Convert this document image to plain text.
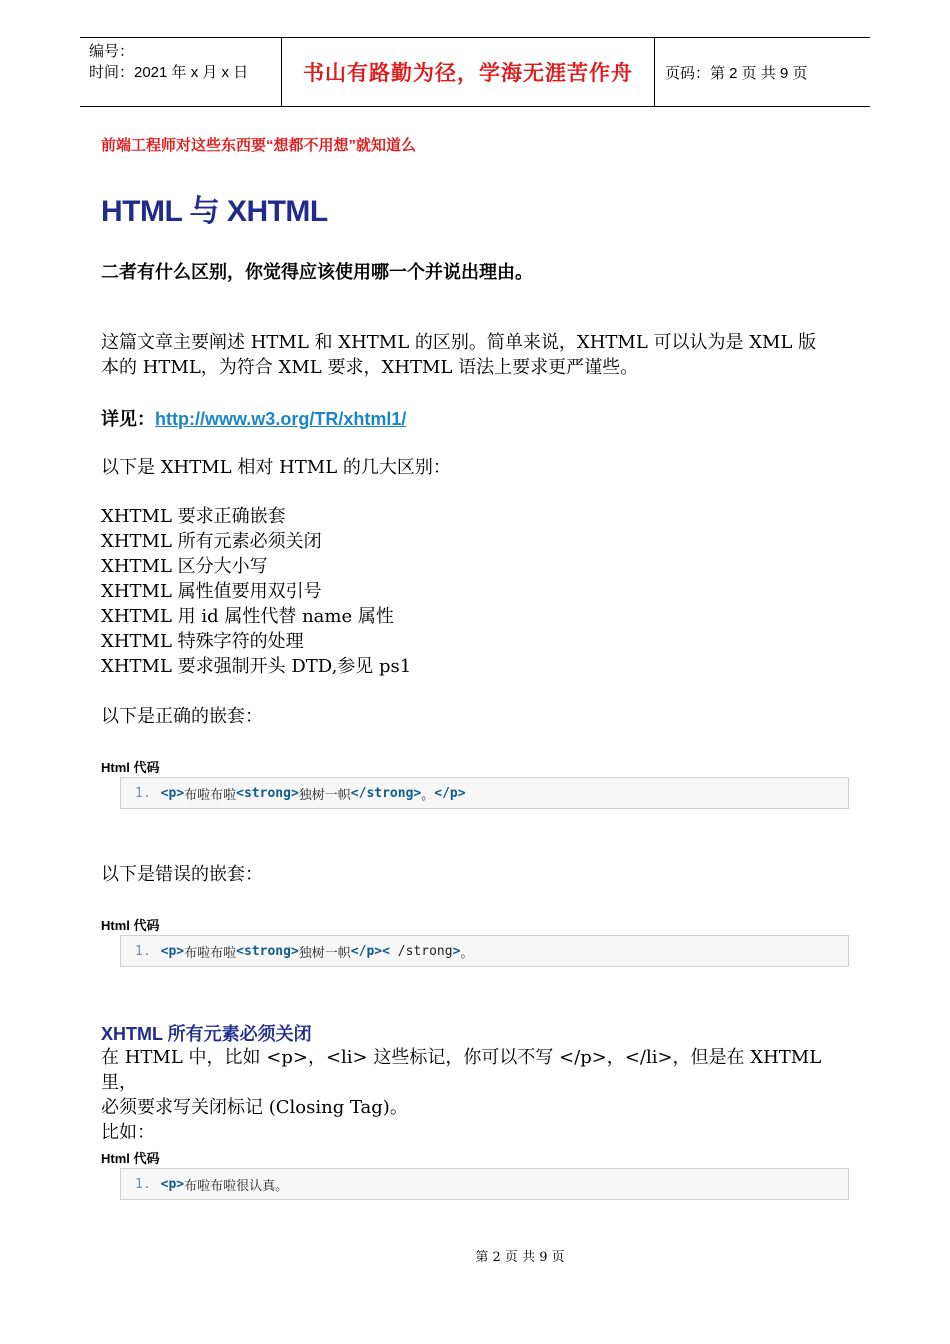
编号：
时间：2021 年 x 月 x 日	书山有路勤为径，学海无涯苦作舟	页码：第 2 页 共 9 页
前端工程师对这些东西要“想都不用想”就知道么
HTML 与 XHTML
二者有什么区别，你觉得应该使用哪一个并说出理由。
这篇文章主要阐述 HTML 和 XHTML 的区别。简单来说，XHTML 可以认为是 XML 版
本的 HTML，为符合 XML 要求，XHTML 语法上要求更严谨些。
详见：http://www.w3.org/TR/xhtml1/
以下是 XHTML 相对 HTML 的几大区别：
XHTML 要求正确嵌套
XHTML 所有元素必须关闭
XHTML 区分大小写
XHTML 属性值要用双引号
XHTML 用 id 属性代替 name 属性
XHTML 特殊字符的处理
XHTML 要求强制开头 DTD,参见 ps1
以下是正确的嵌套：
Html 代码
1. <p> 布啦布啦 <strong> 独树一帜 </strong> 。 </p>
以下是错误的嵌套：
Html 代码
1. <p> 布啦布啦 <strong> 独树一帜 </p> < /strong > 。
XHTML 所有元素必须关闭
在 HTML 中，比如 <p>，<li> 这些标记，你可以不写 </p>，</li>，但是在 XHTML 里，
必须要求写关闭标记 (Closing Tag)。
比如：
Html 代码
1. <p> 布啦布啦很认真。
第 2 页 共 9 页
